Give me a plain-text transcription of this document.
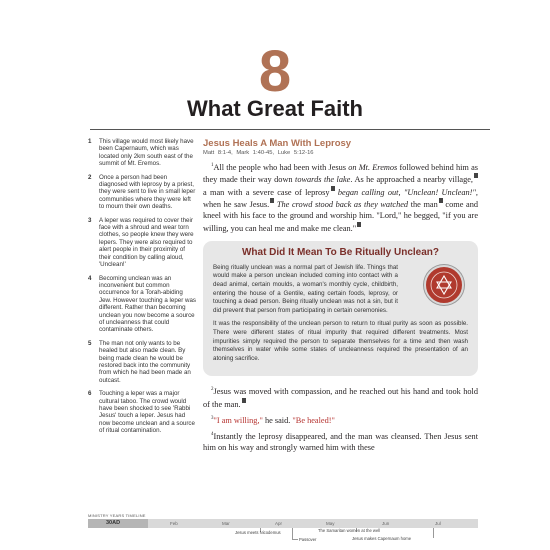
8
What Great Faith
1	This village would most likely have been Capernaum, which was located only 2km south east of the summit of Mt. Eremos.
2	Once a person had been diagnosed with leprosy by a priest, they were sent to live in small leper communities where they were left to mourn their own deaths.
3	A leper was required to cover their face with a shroud and wear torn clothes, so people knew they were lepers. They were also required to alert people in their proximity of their condition by calling aloud, 'Unclean!'
4	Becoming unclean was an inconvenient but common occurrence for a Torah-abiding Jew. However touching a leper was different. Rather than becoming unclean you now become a source of uncleanness that could contaminate others.
5	The man not only wants to be healed but also made clean. By being made clean he would be restored back into the community from which he had been made an outcast.
6	Touching a leper was a major cultural taboo. The crowd would have been shocked to see 'Rabbi Jesus' touch a leper. Jesus had now become unclean and a source of ritual contamination.
Jesus Heals A Man With Leprosy
Matt 8:1-4, Mark 1:40-45, Luke 5:12-16

$^1$All the people who had been with Jesus on Mt. Eremos followed behind him as they made their way down towards the lake. As he approached a nearby village, a man with a severe case of leprosy began calling out, "Unclean! Unclean!", when he saw Jesus. The crowd stood back as they watched the man come and kneel with his face to the ground and worship him. "Lord," he begged, "if you are willing, you can heal me and make me clean."

What Did It Mean To Be Ritually Unclean?

Being ritually unclean was a normal part of Jewish life. Things that would make a person unclean included coming into contact with a dead animal, certain moulds, a woman's monthly cycle, childbirth, entering the house of a Gentile, eating certain foods, leprosy, or touching a dead person. Being ritually unclean was not a sin, but it did prevent that person from participating in certain ceremonies.

It was the responsibility of the unclean person to return to ritual purity as soon as possible. There were different states of ritual impurity that required different treatments. Most impurities simply required the person to separate themselves for a time and then wash themselves in water while some states of uncleanness required the presentation of an atoning sacrifice.

$^2$Jesus was moved with compassion, and he reached out his hand and took hold of the man.

$^3$"I am willing," he said. "Be healed!"

$^4$Instantly the leprosy disappeared, and the man was cleansed. Then Jesus sent him on his way and strongly warned him with these

MINISTRY YEARS TIMELINE
30AD	Feb	Mar	Apr	May	Jun	Jul
Jesus meets Nicodemus
Passover
The Samaritan women at the well
Jesus makes Capernaum home
